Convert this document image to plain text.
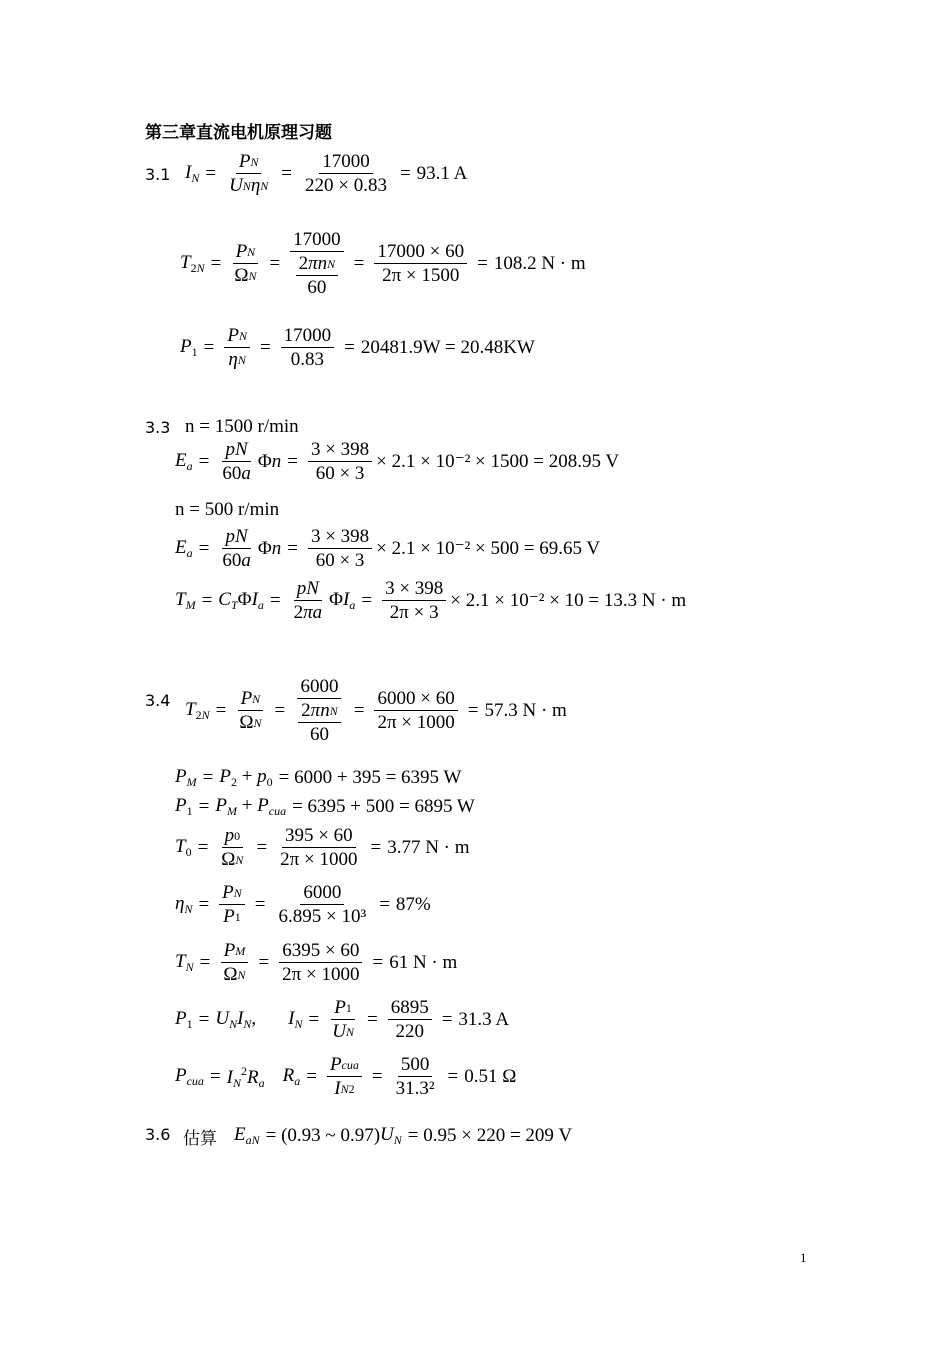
第三章直流电机原理习题
3.1 $I_N = \frac{\text{P N}}{\text{U N η N}} = \frac{17000}{220 \times 0.83} = 93.1$ A
$T_{2N} = \frac{\text{P N}}{\text{Ω N}} = \frac{17000}{\frac{\text{2 πn N}}{60}} = \frac{17000 \times 60}{2\pi \times 1500} = 108.2$ N · m
$P_1 = \frac{\text{P N}}{\text{η N}} = \frac{17000}{0.83} = 20481.9W = 20.48KW$
3.3 n = 1500 r/min
$E_a = \frac{pN}{60 a}$ $\Phi n = \frac{3 \times 398}{60 \times 3} \times 2.1 \times 10^{-2} \times 1500 = 208.95$ V
n = 500 r/min
$E_a = \frac{pN}{60 a}$ $\Phi n = \frac{3 \times 398}{60 \times 3} \times 2.1 \times 10^{-2} \times 500 = 69.65$ V
$T_M = C_T\Phi I_a = \frac{pN}{2 \pi a} \Phi I_a = \frac{3 \times 398}{2\pi \times 3} \times 2.1 \times 10^{-2} \times 10 = 13.3$ N · m
3.4 $T_{2N} = \frac{\text{P N}}{\text{Ω N}} = \frac{6000}{\frac{\text{2 πn N}}{60}} = \frac{6000 \times 60}{2\pi \times 1000} = 57.3$ N · m
$P_M = P_2 + p_0 = 6000 + 395 = 6395$ W
$P_1 = P_M + P_{cua} = 6395 + 500 = 6895$ W
$T_0 = \frac{p 0}{\text{Ω N}} = \frac{395 \times 60}{2\pi \times 1000} = 3.77$ N · m
$\eta_N = \frac{\text{P N}}{P 1} = \frac{6000}{\text{6.895 × 10³}} = 87\%$
$T_N = \frac{\text{P M}}{\text{Ω N}} = \frac{6395 \times 60}{2\pi \times 1000} = 61$ N · m
$P_1 = U_NI_N$, $I_N = \frac{P 1}{\text{U N}} = \frac{6895}{220} = 31.3$ A
$P_{cua} = I_N^2R_a$ $R_a = \frac{\text{P cua}}{\text{I N 2}} = \frac{500}{\text{31.3²}} = 0.51$ Ω
3.6 估算 $E_{aN} = (0.93$ ~ 0.97) $U_N = 0.95 \times 220 = 209$ V
1
